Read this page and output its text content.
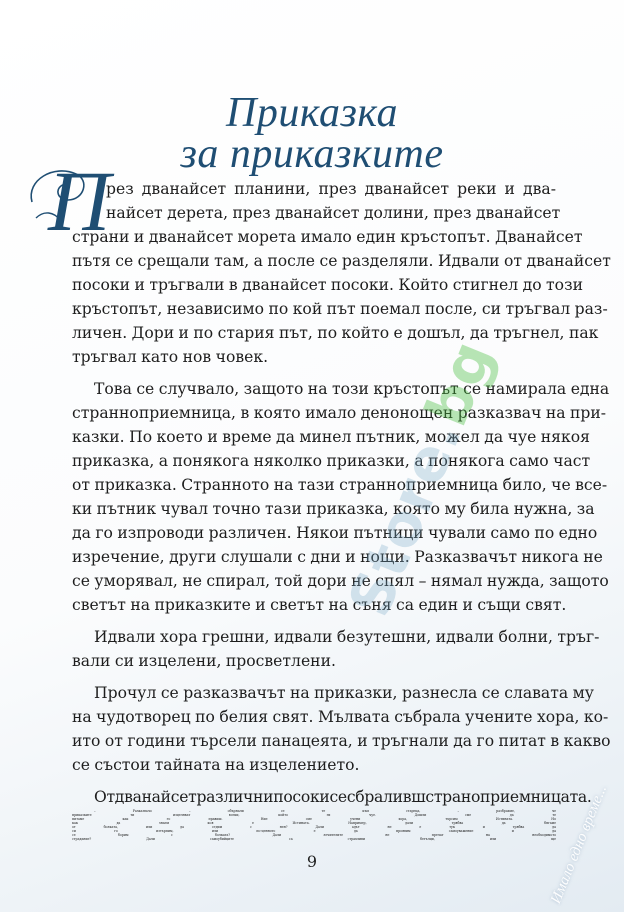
Приказка
за приказките
П
рез дванайсет планини, през дванайсет реки и два-
найсет дерета, през дванайсет долини, през дванайсет
страни и дванайсет морета имало един кръстопът. Дванайсет
пътя се срещали там, а после се разделяли. Идвали от дванайсет
посоки и тръгвали в дванайсет посоки. Който стигнел до този
кръстопът, независимо по кой път поемал после, си тръгвал раз-
личен. Дори и по стария път, по който е дошъл, да тръгнел, пак
тръгвал като нов човек.
Това се случвало, защото на този кръстопът се намирала една
странноприемница, в която имало денонощен разказвач на при-
казки. По което и време да минел пътник, можел да чуе някоя
приказка, а понякога няколко приказки, а понякога само част
от приказка. Странното на тази странноприемница било, че все-
ки пътник чувал точно тази приказка, която му била нужна, за
да го изпроводи различен. Някои пътници чували само по едно
изречение, други слушали с дни и нощи. Разказвачът никога не
се уморявал, не спирал, той дори не спял – нямал нужда, защото
светът на приказките и светът на съня са един и същи свят.
Идвали хора грешни, идвали безутешни, идвали болни, тръг-
вали си изцелени, просветлени.
Прочул се разказвачът на приказки, разнесла се славата му
на чудотворец по белия свят. Мълвата събрала учените хора, ко-
ито от години търсели панацеята, и тръгнали да го питат в какво
се състои тайната на изцелението.
Отдванайсетразличнипосокисесбралившстраноприемницата.
9
Store.bg
Имало едно време...
– Разказвачо – обърнали се те към стареца, – разбрахме, че
приказките ти изцеляват всеки, който ги чуе. Дошли сме да те
питаме как го правиш. Ние сме учени хора, търсим Истината. Но
как да знаем коя е Истината. Например, дали трябва да бягаме
от болката, или да седим с нея? Дали адът не е тук и трябва да
си го изтърпим, или по-ценното е да проявим самоуважение и да
се борим с болката? Дали лечителите не пречат на необходимото
страдание? Дали самоубийците са страхливи бегълци, или ще
